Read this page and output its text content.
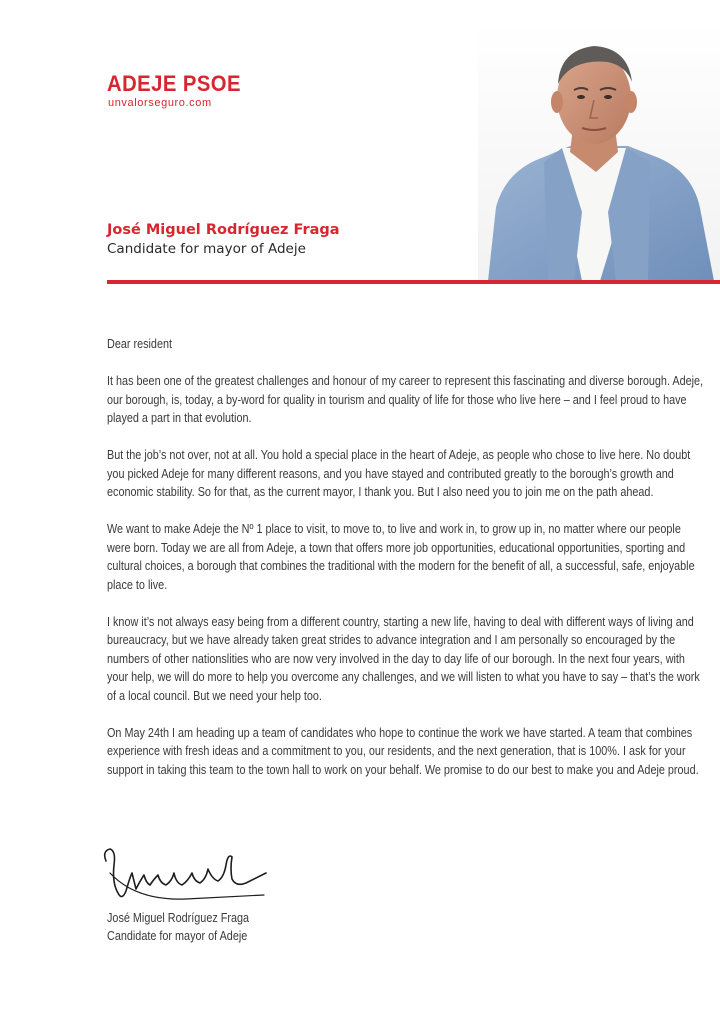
ADEJE PSOE
unvalorseguro.com
José Miguel Rodríguez Fraga
Candidate for mayor of Adeje

Dear resident

It has been one of the greatest challenges and honour of my career to represent this fascinating and diverse borough. Adeje, our borough, is, today, a by-word for quality in tourism and quality of life for those who live here – and I feel proud to have played a part in that evolution.

But the job’s not over, not at all. You hold a special place in the heart of Adeje, as people who chose to live here. No doubt you picked Adeje for many different reasons, and you have stayed and contributed greatly to the borough’s growth and economic stability. So for that, as the current mayor, I thank you. But I also need you to join me on the path ahead.

We want to make Adeje the Nº 1 place to visit, to move to, to live and work in, to grow up in, no matter where our people were born. Today we are all from Adeje, a town that offers more job opportunities, educational opportunities, sporting and cultural choices, a borough that combines the traditional with the modern for the benefit of all, a successful, safe, enjoyable place to live.

I know it’s not always easy being from a different country, starting a new life, having to deal with different ways of living and bureaucracy, but we have already taken great strides to advance integration and I am personally so encouraged by the numbers of other nationslities who are now very involved in the day to day life of our borough. In the next four years, with your help, we will do more to help you overcome any challenges, and we will listen to what you have to say – that’s the work of a local council. But we need your help too.

On May 24th I am heading up a team of candidates who hope to continue the work we have started. A team that combines experience with fresh ideas and a commitment to you, our residents, and the next generation, that is 100%. I ask for your support in taking this team to the town hall to work on your behalf. We promise to do our best to make you and Adeje proud.

José Miguel Rodríguez Fraga
Candidate for mayor of Adeje
